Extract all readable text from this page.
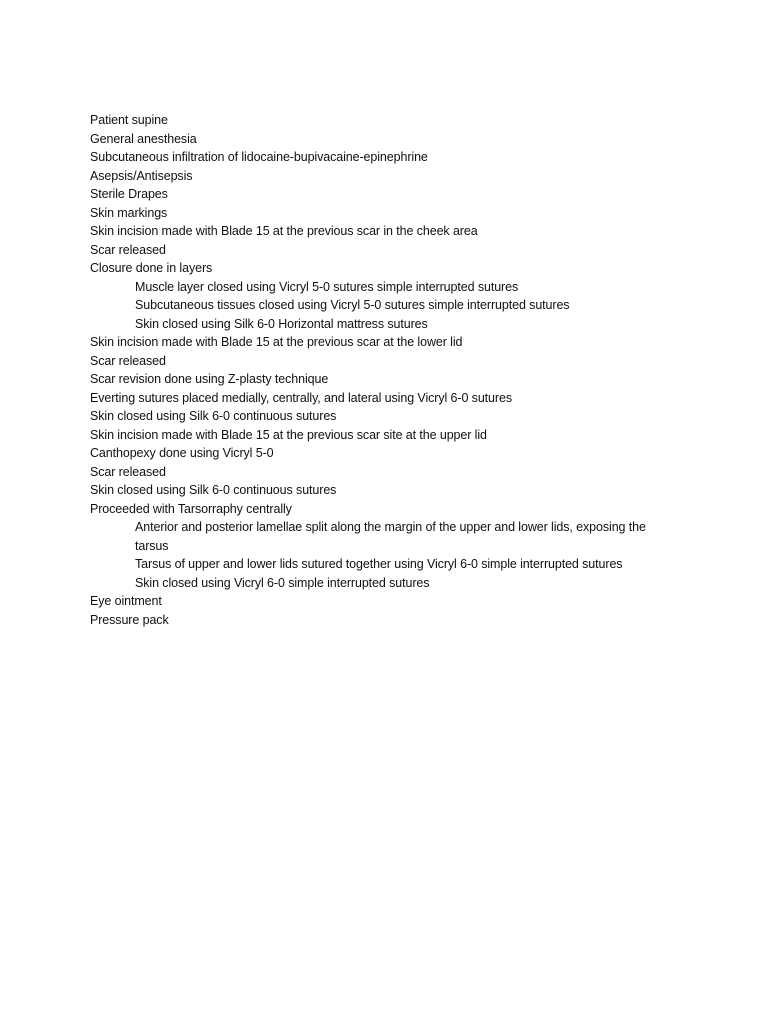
Patient supine
General anesthesia
Subcutaneous infiltration of lidocaine-bupivacaine-epinephrine
Asepsis/Antisepsis
Sterile Drapes
Skin markings
Skin incision made with Blade 15 at the previous scar in the cheek area
Scar released
Closure done in layers
Muscle layer closed using Vicryl 5-0 sutures simple interrupted sutures
Subcutaneous tissues closed using Vicryl 5-0 sutures simple interrupted sutures
Skin closed using Silk 6-0 Horizontal mattress sutures
Skin incision made with Blade 15 at the previous scar at the lower lid
Scar released
Scar revision done using Z-plasty technique
Everting sutures placed medially, centrally, and lateral using Vicryl 6-0 sutures
Skin closed using Silk 6-0 continuous sutures
Skin incision made with Blade 15 at the previous scar site at the upper lid
Canthopexy done using Vicryl 5-0
Scar released
Skin closed using Silk 6-0 continuous sutures
Proceeded with Tarsorraphy centrally
Anterior and posterior lamellae split along the margin of the upper and lower lids, exposing the tarsus
Tarsus of upper and lower lids sutured together using Vicryl 6-0 simple interrupted sutures
Skin closed using Vicryl 6-0 simple interrupted sutures
Eye ointment
Pressure pack
